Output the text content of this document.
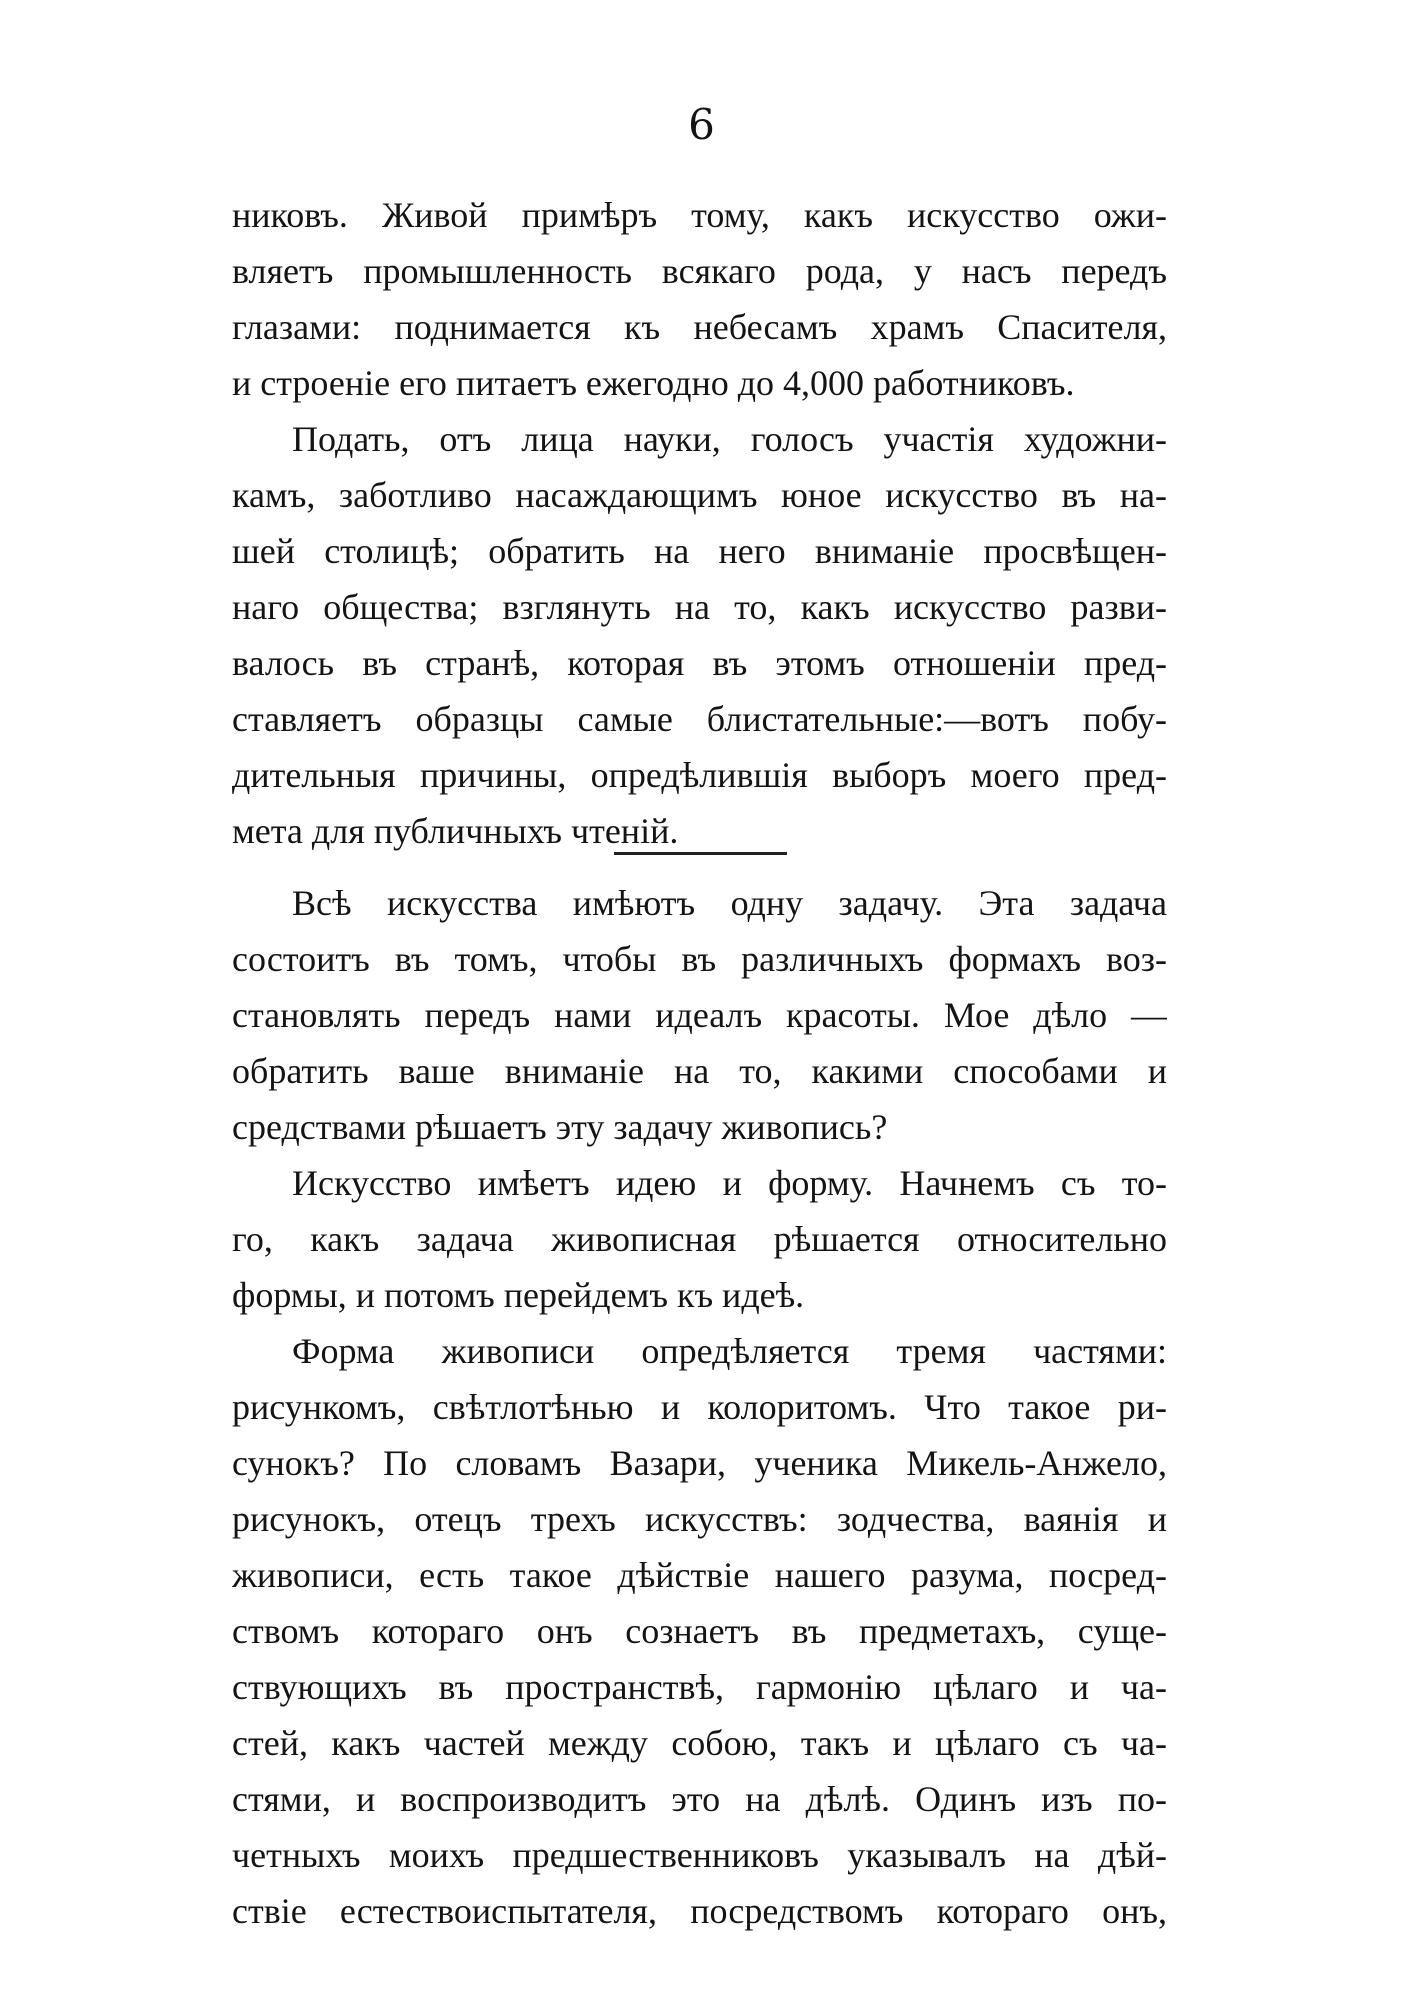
6
никовъ. Живой примѣръ тому, какъ искусство ожи-
вляетъ промышленность всякаго рода, у насъ передъ
глазами: поднимается къ небесамъ храмъ Спасителя,
и строеніе его питаетъ ежегодно до 4,000 работниковъ.
Подать, отъ лица науки, голосъ участія художни-
камъ, заботливо насаждающимъ юное искусство въ на-
шей столицѣ; обратить на него вниманіе просвѣщен-
наго общества; взглянуть на то, какъ искусство разви-
валось въ странѣ, которая въ этомъ отношеніи пред-
ставляетъ образцы самые блистательные:—вотъ побу-
дительныя причины, опредѣлившія выборъ моего пред-
мета для публичныхъ чтеній.
Всѣ искусства имѣютъ одну задачу. Эта задача
состоитъ въ томъ, чтобы въ различныхъ формахъ воз-
становлять передъ нами идеалъ красоты. Мое дѣло —
обратить ваше вниманіе на то, какими способами и
средствами рѣшаетъ эту задачу живопись?
Искусство имѣетъ идею и форму. Начнемъ съ то-
го, какъ задача живописная рѣшается относительно
формы, и потомъ перейдемъ къ идеѣ.
Форма живописи опредѣляется тремя частями:
рисункомъ, свѣтлотѣнью и колоритомъ. Что такое ри-
сунокъ? По словамъ Вазари, ученика Микель-Анжело,
рисунокъ, отецъ трехъ искусствъ: зодчества, ваянія и
живописи, есть такое дѣйствіе нашего разума, посред-
ствомъ котораго онъ сознаетъ въ предметахъ, суще-
ствующихъ въ пространствѣ, гармонію цѣлаго и ча-
стей, какъ частей между собою, такъ и цѣлаго съ ча-
стями, и воспроизводитъ это на дѣлѣ. Одинъ изъ по-
четныхъ моихъ предшественниковъ указывалъ на дѣй-
ствіе естествоиспытателя, посредствомъ котораго онъ,
